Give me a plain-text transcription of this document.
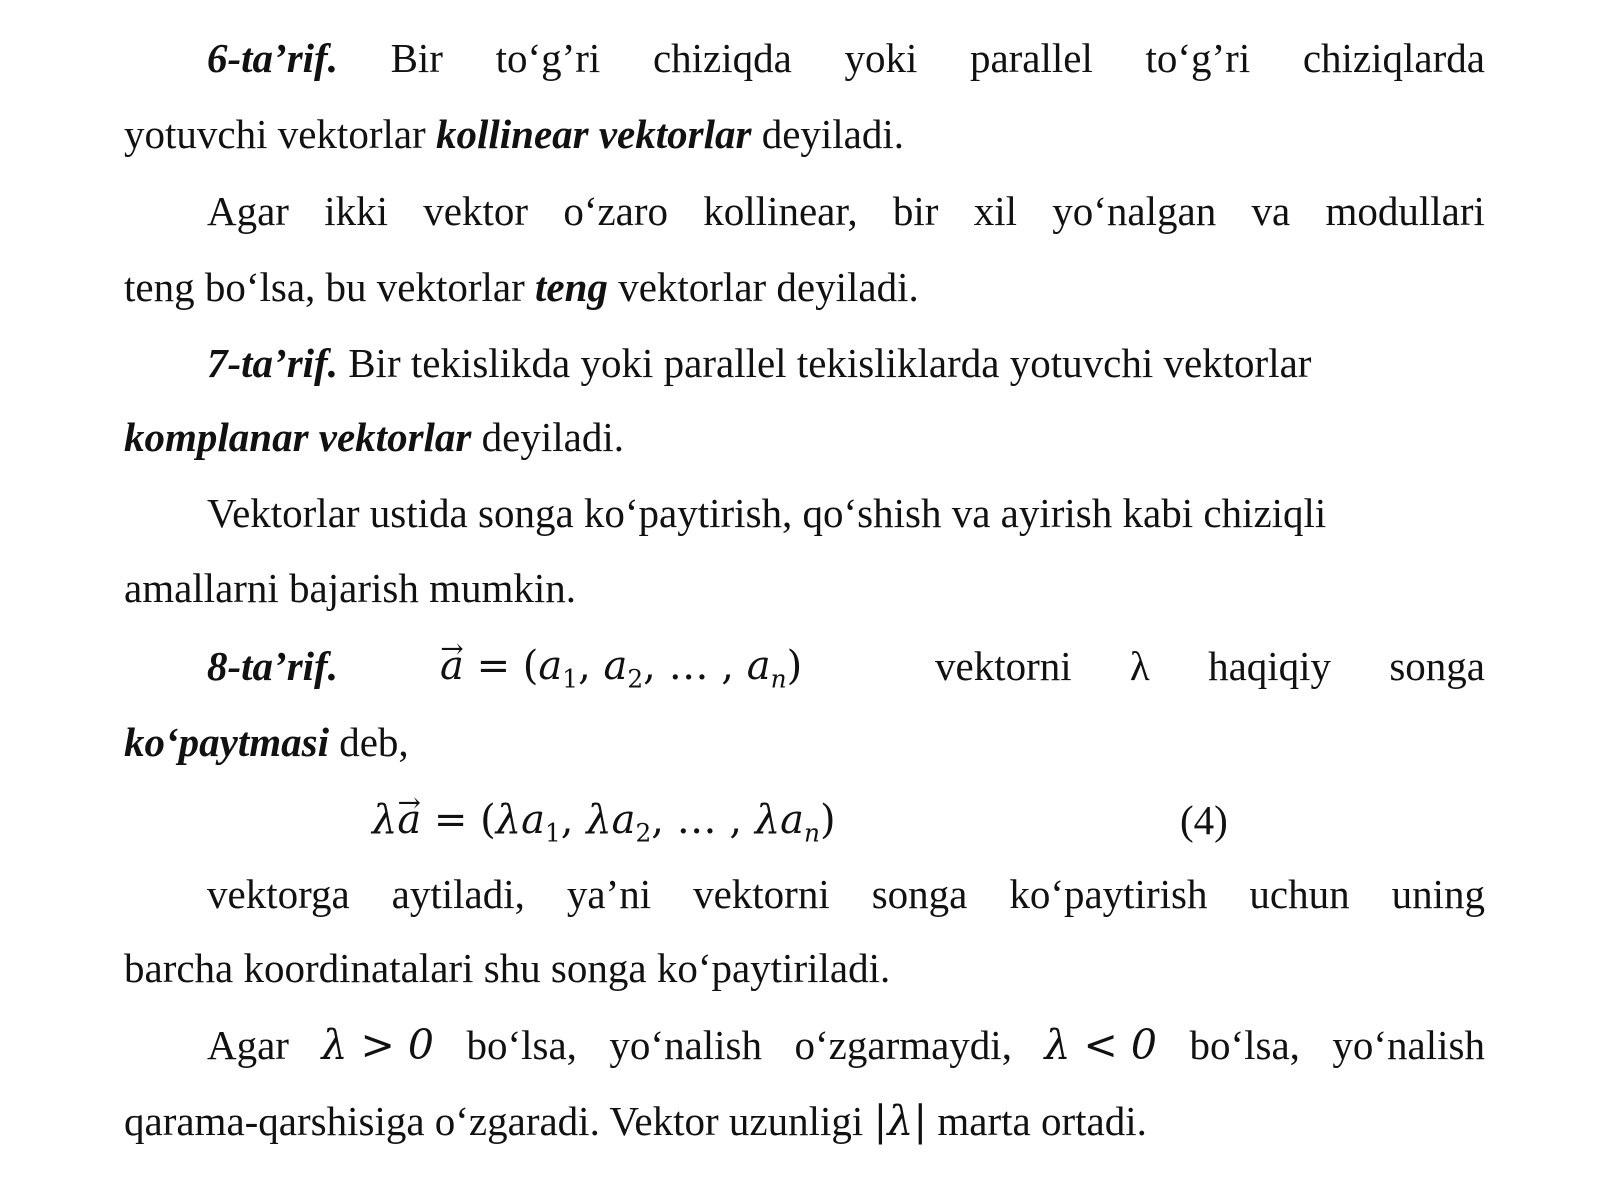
6-ta’rif. Bir to‘g’ri chiziqda yoki parallel to‘g’ri chiziqlarda
yotuvchi vektorlar kollinear vektorlar deyiladi.
Agar ikki vektor o‘zaro kollinear, bir xil yo‘nalgan va modullari
teng bo‘lsa, bu vektorlar teng vektorlar deyiladi.
7-ta’rif. Bir tekislikda yoki parallel tekisliklarda yotuvchi vektorlar
komplanar vektorlar deyiladi.
Vektorlar ustida songa ko‘paytirish, qo‘shish va ayirish kabi chiziqli
amallarni bajarish mumkin.
8-ta’rif.
→	$a = (a_1$, $a_2$, … , $a_n$)	vektorni λ haqiqiy songa
ko‘paytmasi deb,
$\lambda\to a = (\lambda a_1$, $\lambda a_2$, … , $\lambda a_n$)	(4)
vektorga aytiladi, ya’ni vektorni songa ko‘paytirish uchun uning
barcha koordinatalari shu songa ko‘paytiriladi.
Agar λ > 0 bo‘lsa, yo‘nalish o‘zgarmaydi, λ < 0 bo‘lsa, yo‘nalish
qarama-qarshisiga o‘zgaradi. Vektor uzunligi |λ| marta ortadi.
